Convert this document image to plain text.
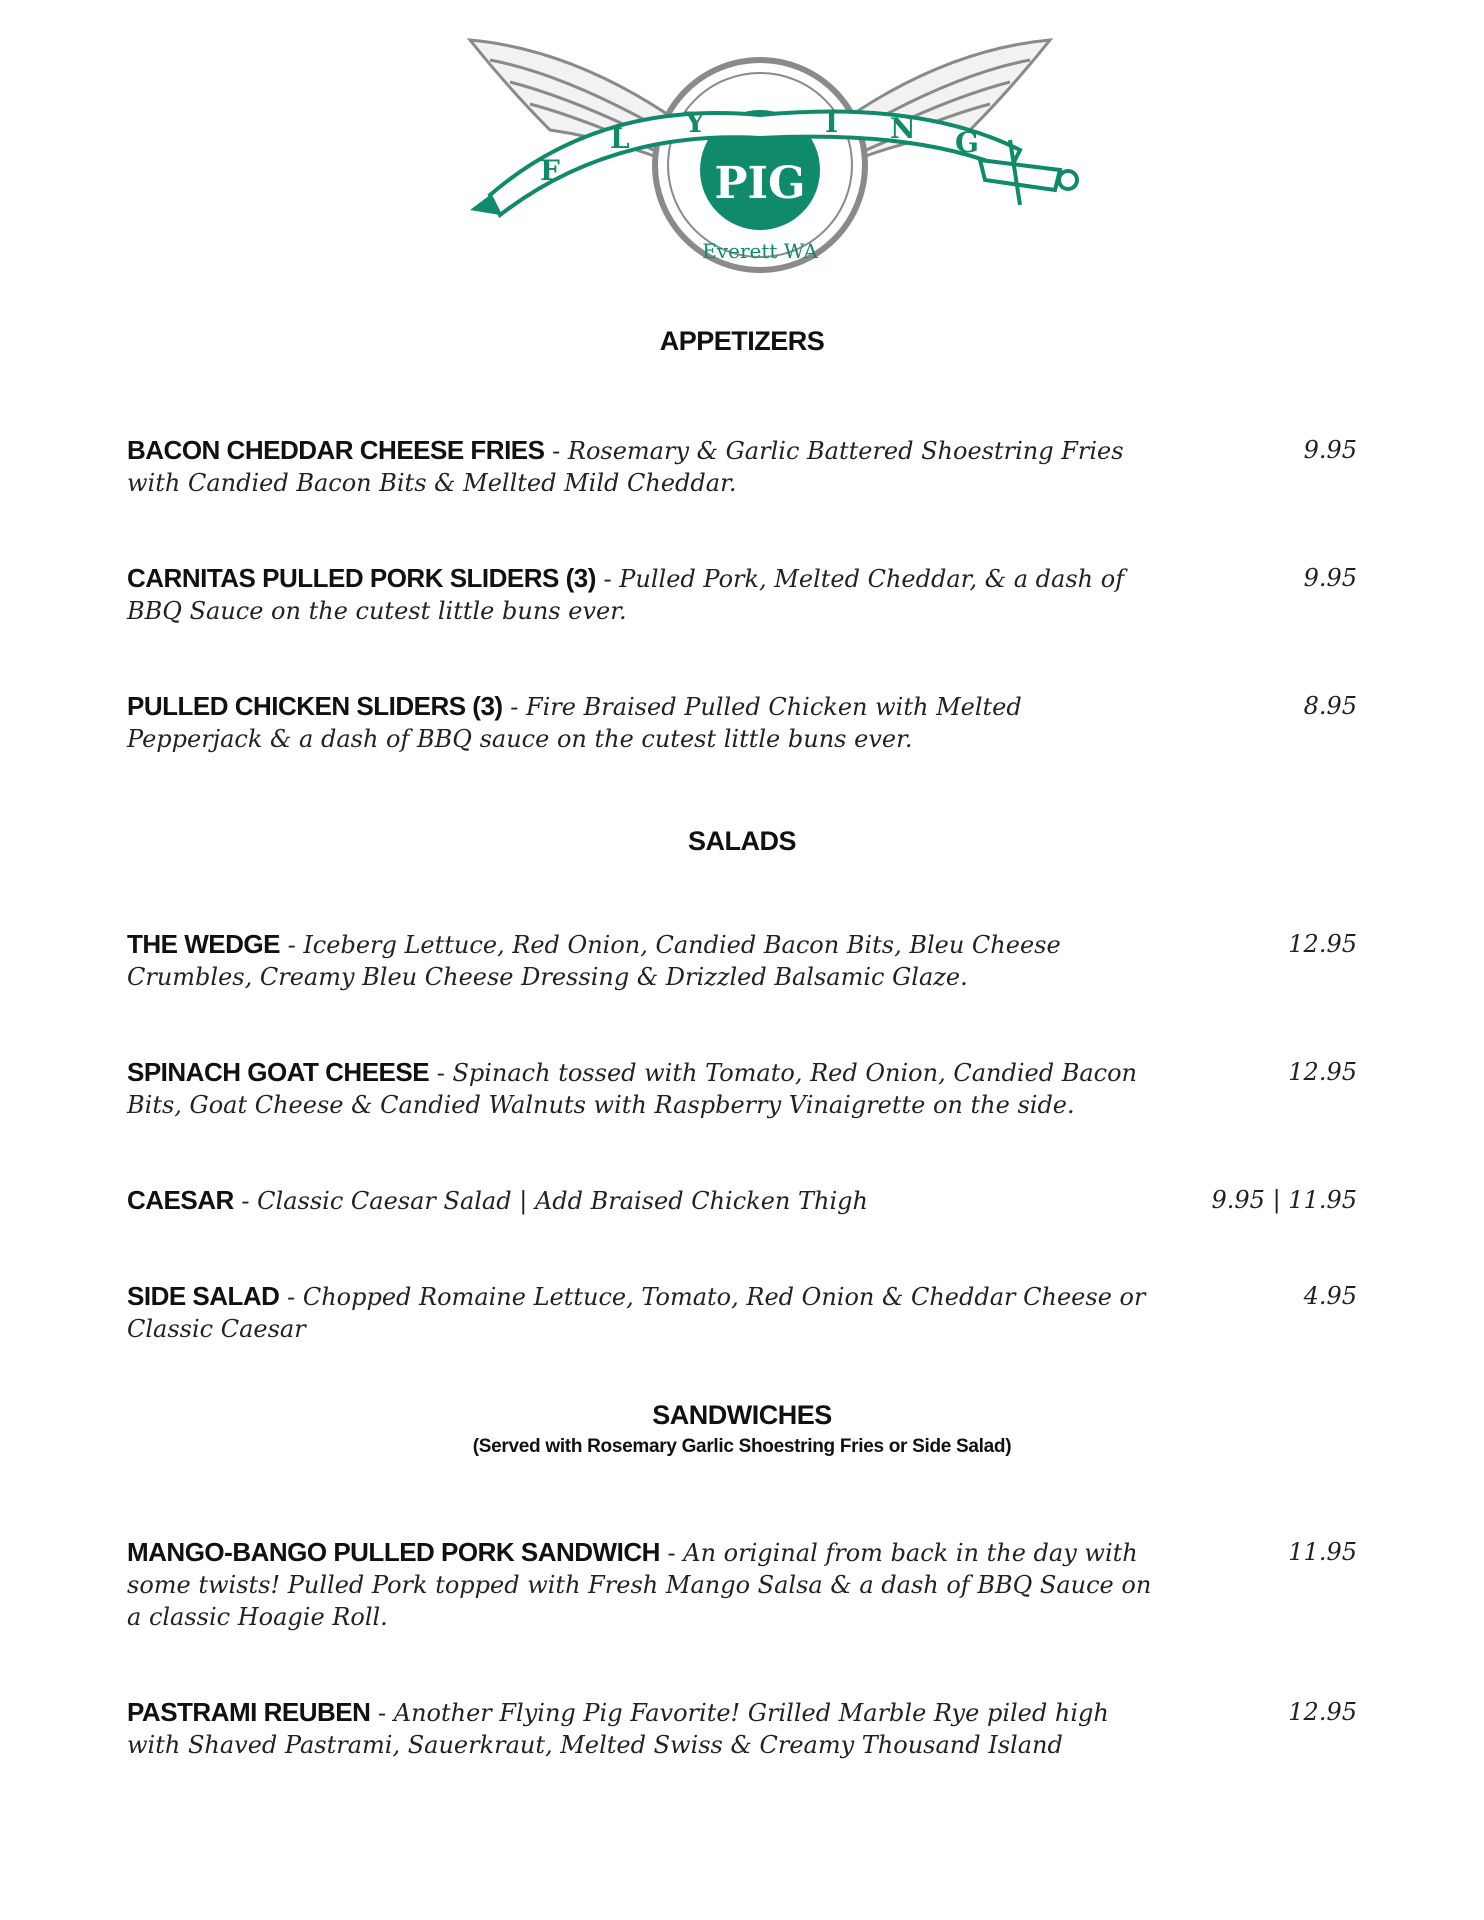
F
L Y	I N G
PIG
Everett WA
APPETIZERS
BACON CHEDDAR CHEESE FRIES - Rosemary & Garlic Battered Shoestring Fries with Candied Bacon Bits & Mellted Mild Cheddar.
9.95
CARNITAS PULLED PORK SLIDERS (3) - Pulled Pork, Melted Cheddar, & a dash of BBQ Sauce on the cutest little buns ever.
9.95
PULLED CHICKEN SLIDERS (3) - Fire Braised Pulled Chicken with Melted Pepperjack & a dash of BBQ sauce on the cutest little buns ever.
8.95
SALADS
THE WEDGE - Iceberg Lettuce, Red Onion, Candied Bacon Bits, Bleu Cheese Crumbles, Creamy Bleu Cheese Dressing & Drizzled Balsamic Glaze.
12.95
SPINACH GOAT CHEESE - Spinach tossed with Tomato, Red Onion, Candied Bacon Bits, Goat Cheese & Candied Walnuts with Raspberry Vinaigrette on the side.
12.95
CAESAR - Classic Caesar Salad | Add Braised Chicken Thigh	9.95 | 11.95
SIDE SALAD - Chopped Romaine Lettuce, Tomato, Red Onion & Cheddar Cheese or Classic Caesar
4.95
SANDWICHES
(Served with Rosemary Garlic Shoestring Fries or Side Salad)
MANGO-BANGO PULLED PORK SANDWICH - An original from back in the day with some twists! Pulled Pork topped with Fresh Mango Salsa & a dash of BBQ Sauce on a classic Hoagie Roll.
11.95
PASTRAMI REUBEN - Another Flying Pig Favorite! Grilled Marble Rye piled high with Shaved Pastrami, Sauerkraut, Melted Swiss & Creamy Thousand Island
12.95
